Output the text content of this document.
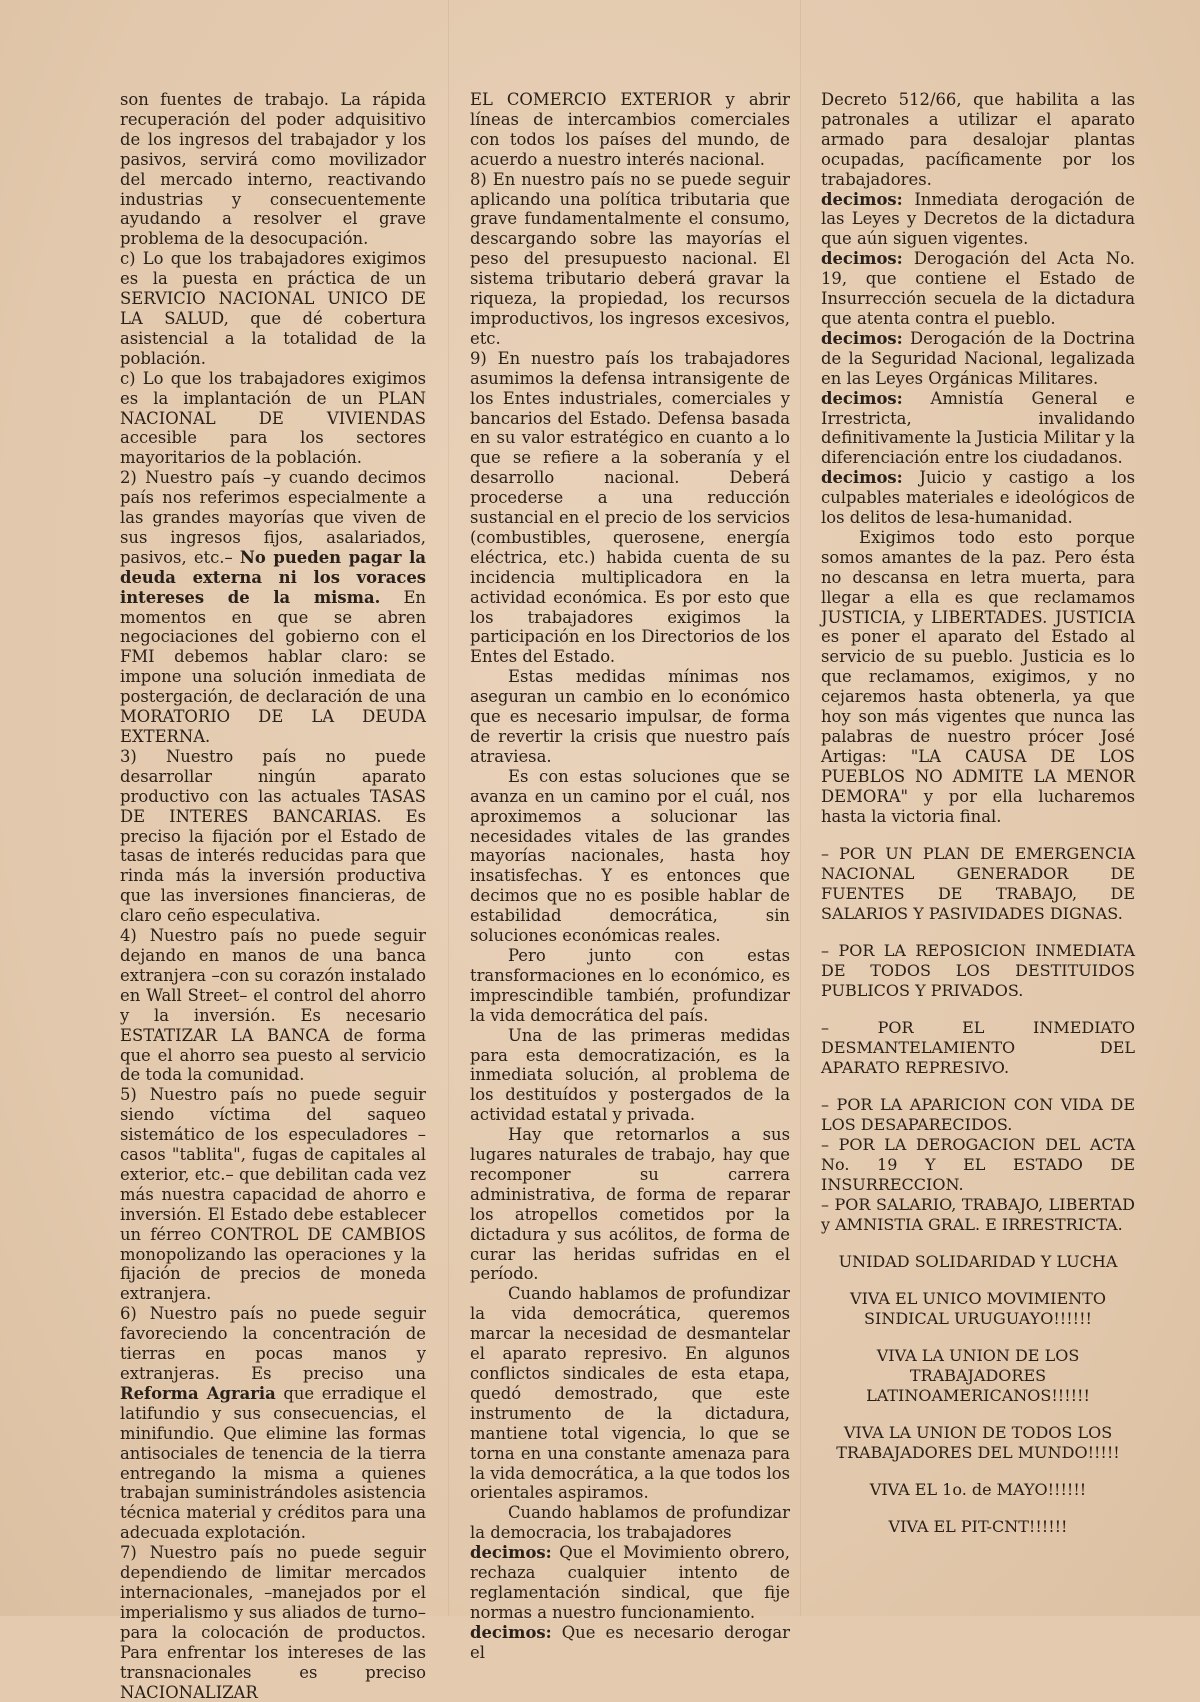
son fuentes de trabajo. La rápida recuperación del poder adquisitivo de los ingresos del trabajador y los pasivos, servirá como movilizador del mercado interno, reactivando industrias y consecuentemente ayudando a resolver el grave problema de la desocupación.

c) Lo que los trabajadores exigimos es la puesta en práctica de un SERVICIO NACIONAL UNICO DE LA SALUD, que dé cobertura asistencial a la totalidad de la población.

c) Lo que los trabajadores exigimos es la implantación de un PLAN NACIONAL DE VIVIENDAS accesible para los sectores mayoritarios de la población.

2) Nuestro país –y cuando decimos país nos referimos especialmente a las grandes mayorías que viven de sus ingresos fijos, asalariados, pasivos, etc.– No pueden pagar la deuda externa ni los voraces intereses de la misma. En momentos en que se abren negociaciones del gobierno con el FMI debemos hablar claro: se impone una solución inmediata de postergación, de declaración de una MORATORIO DE LA DEUDA EXTERNA.

3) Nuestro país no puede desarrollar ningún aparato productivo con las actuales TASAS DE INTERES BANCARIAS. Es preciso la fijación por el Estado de tasas de interés reducidas para que rinda más la inversión productiva que las inversiones financieras, de claro ceño especulativa.

4) Nuestro país no puede seguir dejando en manos de una banca extranjera –con su corazón instalado en Wall Street– el control del ahorro y la inversión. Es necesario ESTATIZAR LA BANCA de forma que el ahorro sea puesto al servicio de toda la comunidad.

5) Nuestro país no puede seguir siendo víctima del saqueo sistemático de los especuladores –casos "tablita", fugas de capitales al exterior, etc.– que debilitan cada vez más nuestra capacidad de ahorro e inversión. El Estado debe establecer un férreo CONTROL DE CAMBIOS monopolizando las operaciones y la fijación de precios de moneda extranjera.

6) Nuestro país no puede seguir favoreciendo la concentración de tierras en pocas manos y extranjeras. Es preciso una Reforma Agraria que erradique el latifundio y sus consecuencias, el minifundio. Que elimine las formas antisociales de tenencia de la tierra entregando la misma a quienes trabajan suministrándoles asistencia técnica material y créditos para una adecuada explotación.

7) Nuestro país no puede seguir dependiendo de limitar mercados internacionales, –manejados por el imperialismo y sus aliados de turno– para la colocación de productos. Para enfrentar los intereses de las transnacionales es preciso NACIONALIZAR

EL COMERCIO EXTERIOR y abrir líneas de intercambios comerciales con todos los países del mundo, de acuerdo a nuestro interés nacional.

8) En nuestro país no se puede seguir aplicando una política tributaria que grave fundamentalmente el consumo, descargando sobre las mayorías el peso del presupuesto nacional. El sistema tributario deberá gravar la riqueza, la propiedad, los recursos improductivos, los ingresos excesivos, etc.

9) En nuestro país los trabajadores asumimos la defensa intransigente de los Entes industriales, comerciales y bancarios del Estado. Defensa basada en su valor estratégico en cuanto a lo que se refiere a la soberanía y el desarrollo nacional. Deberá procederse a una reducción sustancial en el precio de los servicios (combustibles, querosene, energía eléctrica, etc.) habida cuenta de su incidencia multiplicadora en la actividad económica. Es por esto que los trabajadores exigimos la participación en los Directorios de los Entes del Estado.

Estas medidas mínimas nos aseguran un cambio en lo económico que es necesario impulsar, de forma de revertir la crisis que nuestro país atraviesa.

Es con estas soluciones que se avanza en un camino por el cuál, nos aproximemos a solucionar las necesidades vitales de las grandes mayorías nacionales, hasta hoy insatisfechas. Y es entonces que decimos que no es posible hablar de estabilidad democrática, sin soluciones económicas reales.

Pero junto con estas transformaciones en lo económico, es imprescindible también, profundizar la vida democrática del país.

Una de las primeras medidas para esta democratización, es la inmediata solución, al problema de los destituídos y postergados de la actividad estatal y privada.

Hay que retornarlos a sus lugares naturales de trabajo, hay que recomponer su carrera administrativa, de forma de reparar los atropellos cometidos por la dictadura y sus acólitos, de forma de curar las heridas sufridas en el período.

Cuando hablamos de profundizar la vida democrática, queremos marcar la necesidad de desmantelar el aparato represivo. En algunos conflictos sindicales de esta etapa, quedó demostrado, que este instrumento de la dictadura, mantiene total vigencia, lo que se torna en una constante amenaza para la vida democrática, a la que todos los orientales aspiramos.

Cuando hablamos de profundizar la democracia, los trabajadores

decimos: Que el Movimiento obrero, rechaza cualquier intento de reglamentación sindical, que fije normas a nuestro funcionamiento.

decimos: Que es necesario derogar el

Decreto 512/66, que habilita a las patronales a utilizar el aparato armado para desalojar plantas ocupadas, pacíficamente por los trabajadores.

decimos: Inmediata derogación de las Leyes y Decretos de la dictadura que aún siguen vigentes.

decimos: Derogación del Acta No. 19, que contiene el Estado de Insurrección secuela de la dictadura que atenta contra el pueblo.

decimos: Derogación de la Doctrina de la Seguridad Nacional, legalizada en las Leyes Orgánicas Militares.

decimos: Amnistía General e Irrestricta, invalidando definitivamente la Justicia Militar y la diferenciación entre los ciudadanos.

decimos: Juicio y castigo a los culpables materiales e ideológicos de los delitos de lesa-humanidad.

Exigimos todo esto porque somos amantes de la paz. Pero ésta no descansa en letra muerta, para llegar a ella es que reclamamos JUSTICIA, y LIBERTADES. JUSTICIA es poner el aparato del Estado al servicio de su pueblo. Justicia es lo que reclamamos, exigimos, y no cejaremos hasta obtenerla, ya que hoy son más vigentes que nunca las palabras de nuestro prócer José Artigas: "LA CAUSA DE LOS PUEBLOS NO ADMITE LA MENOR DEMORA" y por ella lucharemos hasta la victoria final.

– POR UN PLAN DE EMERGENCIA NACIONAL GENERADOR DE FUENTES DE TRABAJO, DE SALARIOS Y PASIVIDADES DIGNAS.

– POR LA REPOSICION INMEDIATA DE TODOS LOS DESTITUIDOS PUBLICOS Y PRIVADOS.

– POR EL INMEDIATO DESMANTELAMIENTO DEL APARATO REPRESIVO.

– POR LA APARICION CON VIDA DE LOS DESAPARECIDOS.

– POR LA DEROGACION DEL ACTA No. 19 Y EL ESTADO DE INSURRECCION.

– POR SALARIO, TRABAJO, LIBERTAD y AMNISTIA GRAL. E IRRESTRICTA.

UNIDAD SOLIDARIDAD Y LUCHA

VIVA EL UNICO MOVIMIENTO SINDICAL URUGUAYO!!!!!!

VIVA LA UNION DE LOS TRABAJADORES LATINOAMERICANOS!!!!!!

VIVA LA UNION DE TODOS LOS TRABAJADORES DEL MUNDO!!!!!

VIVA EL 1o. de MAYO!!!!!!

VIVA EL PIT-CNT!!!!!!
